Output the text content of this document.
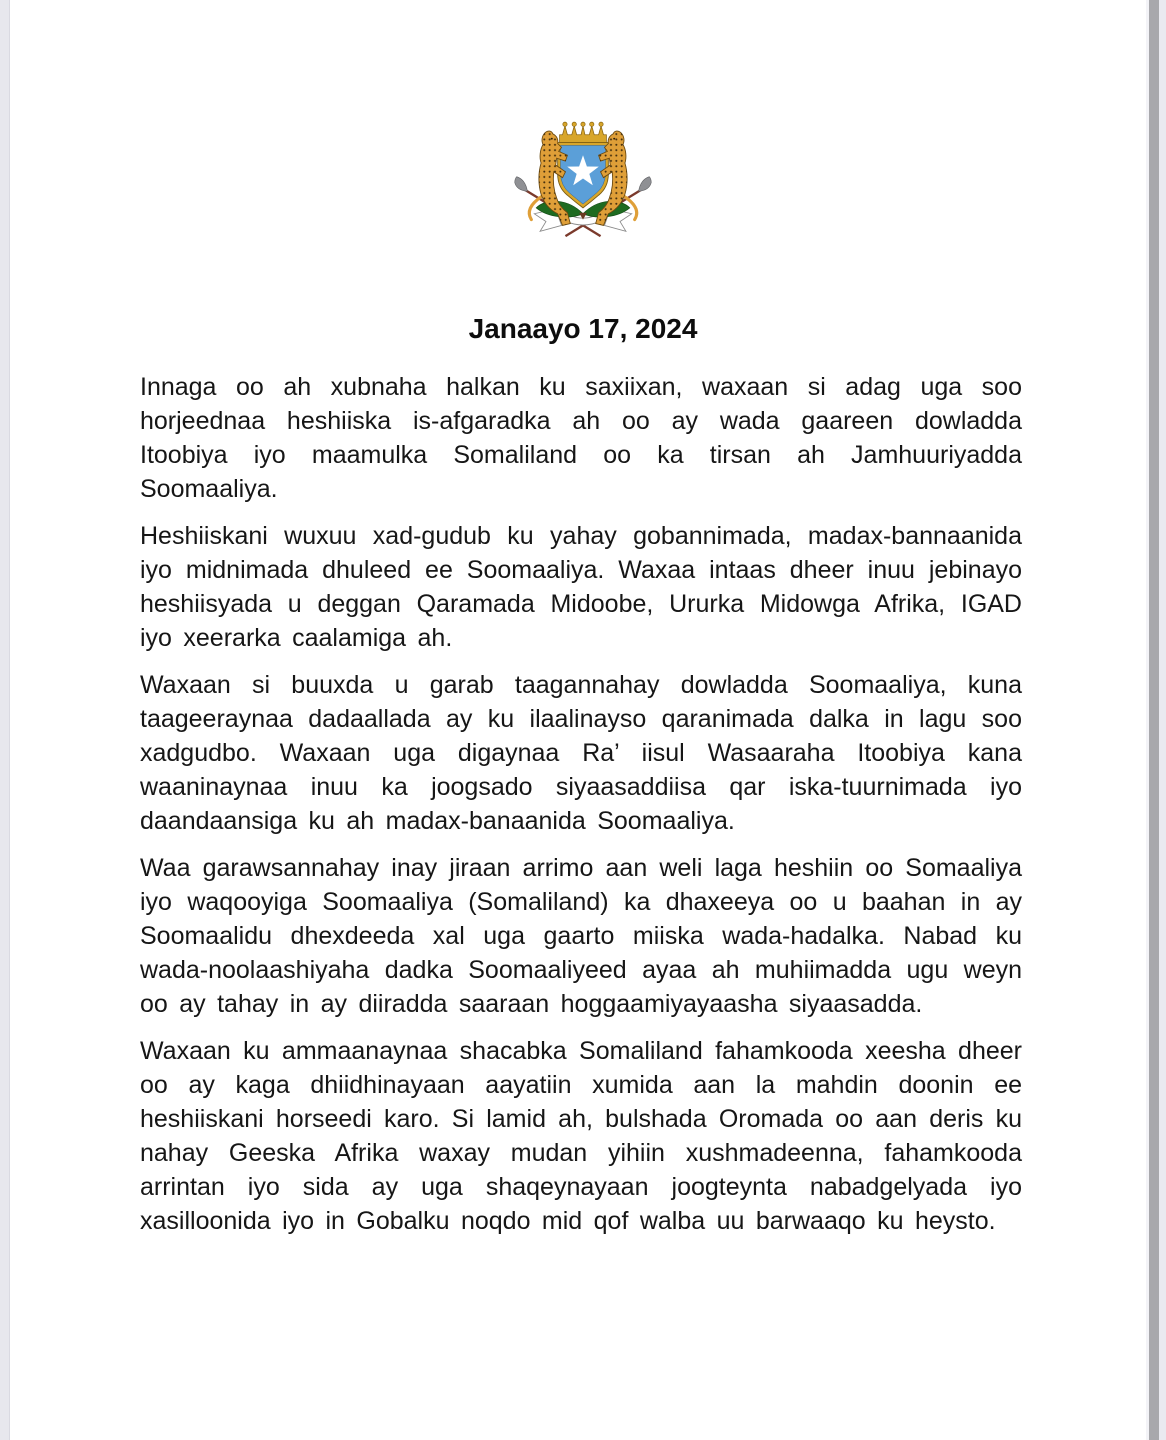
Janaayo 17, 2024

Innaga oo ah xubnaha halkan ku saxiixan, waxaan si adag uga soo horjeednaa heshiiska is-afgaradka ah oo ay wada gaareen dowladda Itoobiya iyo maamulka Somaliland oo ka tirsan ah Jamhuuriyadda Soomaaliya.

Heshiiskani wuxuu xad-gudub ku yahay gobannimada, madax-bannaanida iyo midnimada dhuleed ee Soomaaliya. Waxaa intaas dheer inuu jebinayo heshiisyada u deggan Qaramada Midoobe, Ururka Midowga Afrika, IGAD iyo xeerarka caalamiga ah.

Waxaan si buuxda u garab taagannahay dowladda Soomaaliya, kuna taageeraynaa dadaallada ay ku ilaalinayso qaranimada dalka in lagu soo xadgudbo. Waxaan uga digaynaa Ra’ iisul Wasaaraha Itoobiya kana waaninaynaa inuu ka joogsado siyaasaddiisa qar iska-tuurnimada iyo daandaansiga ku ah madax-banaanida Soomaaliya.

Waa garawsannahay inay jiraan arrimo aan weli laga heshiin oo Somaaliya iyo waqooyiga Soomaaliya (Somaliland) ka dhaxeeya oo u baahan in ay Soomaalidu dhexdeeda xal uga gaarto miiska wada-hadalka. Nabad ku wada-noolaashiyaha dadka Soomaaliyeed ayaa ah muhiimadda ugu weyn oo ay tahay in ay diiradda saaraan hoggaamiyayaasha siyaasadda.

Waxaan ku ammaanaynaa shacabka Somaliland fahamkooda xeesha dheer oo ay kaga dhiidhinayaan aayatiin xumida aan la mahdin doonin ee heshiiskani horseedi karo. Si lamid ah, bulshada Oromada oo aan deris ku nahay Geeska Afrika waxay mudan yihiin xushmadeenna, fahamkooda arrintan iyo sida ay uga shaqeynayaan joogteynta nabadgelyada iyo xasilloonida iyo in Gobalku noqdo mid qof walba uu barwaaqo ku heysto.
